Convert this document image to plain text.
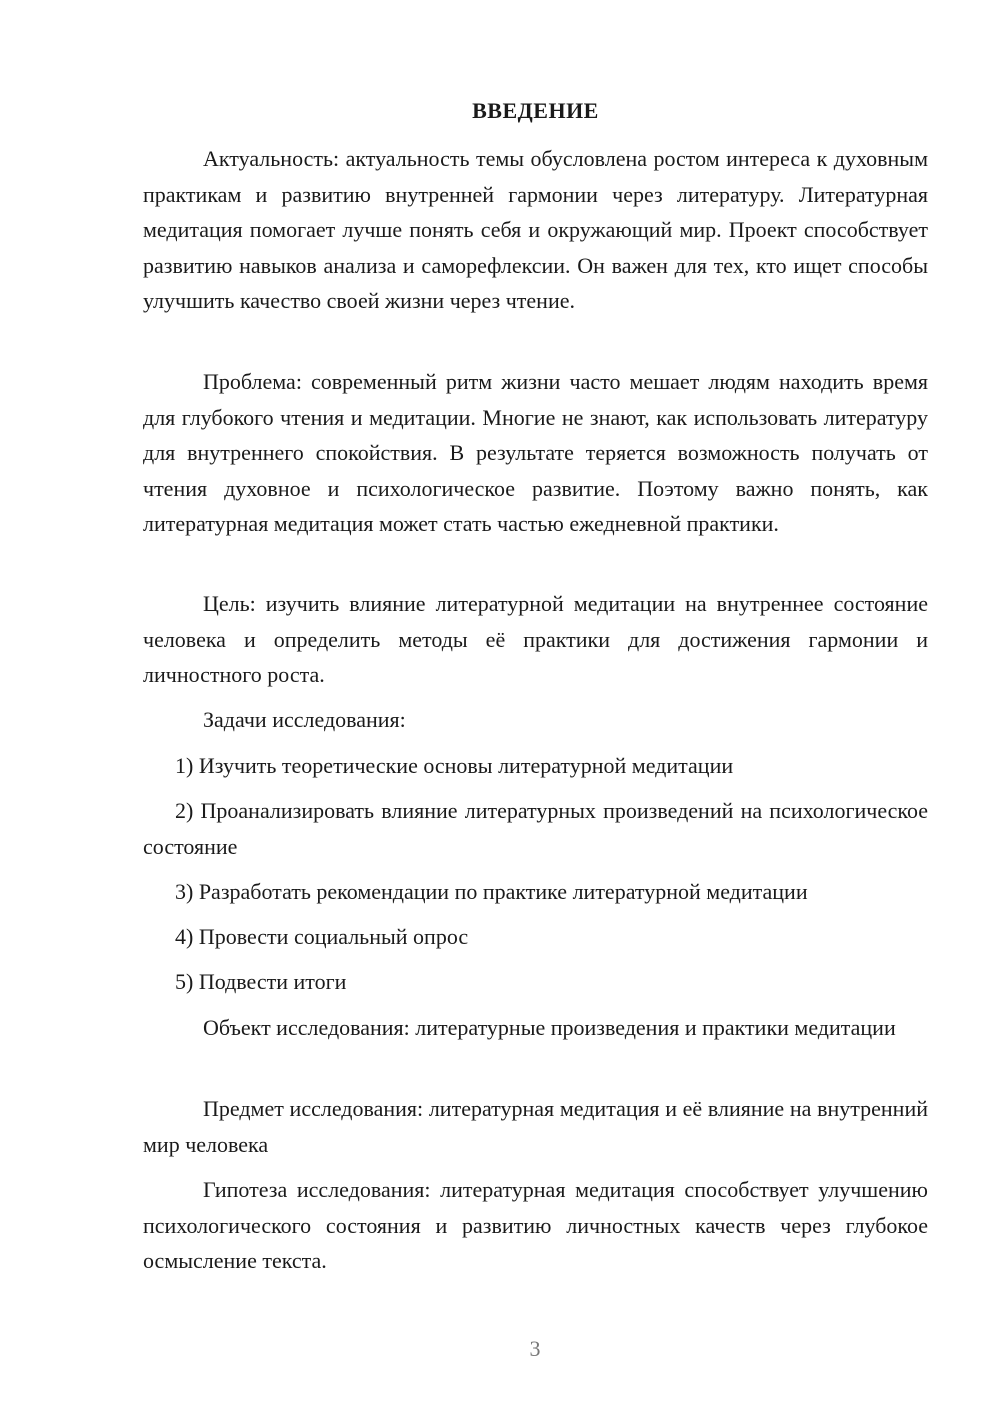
ВВЕДЕНИЕ

Актуальность: актуальность темы обусловлена ростом интереса к духовным практикам и развитию внутренней гармонии через литературу. Литературная медитация помогает лучше понять себя и окружающий мир. Проект способствует развитию навыков анализа и саморефлексии. Он важен для тех, кто ищет способы улучшить качество своей жизни через чтение.

Проблема: современный ритм жизни часто мешает людям находить время для глубокого чтения и медитации. Многие не знают, как использовать литературу для внутреннего спокойствия. В результате теряется возможность получать от чтения духовное и психологическое развитие. Поэтому важно понять, как литературная медитация может стать частью ежедневной практики.

Цель: изучить влияние литературной медитации на внутреннее состояние человека и определить методы её практики для достижения гармонии и личностного роста.

Задачи исследования:

1) Изучить теоретические основы литературной медитации

2) Проанализировать влияние литературных произведений на психологическое состояние

3) Разработать рекомендации по практике литературной медитации

4) Провести социальный опрос

5) Подвести итоги

Объект исследования: литературные произведения и практики медитации

Предмет исследования: литературная медитация и её влияние на внутренний мир человека

Гипотеза исследования: литературная медитация способствует улучшению психологического состояния и развитию личностных качеств через глубокое осмысление текста.

3
